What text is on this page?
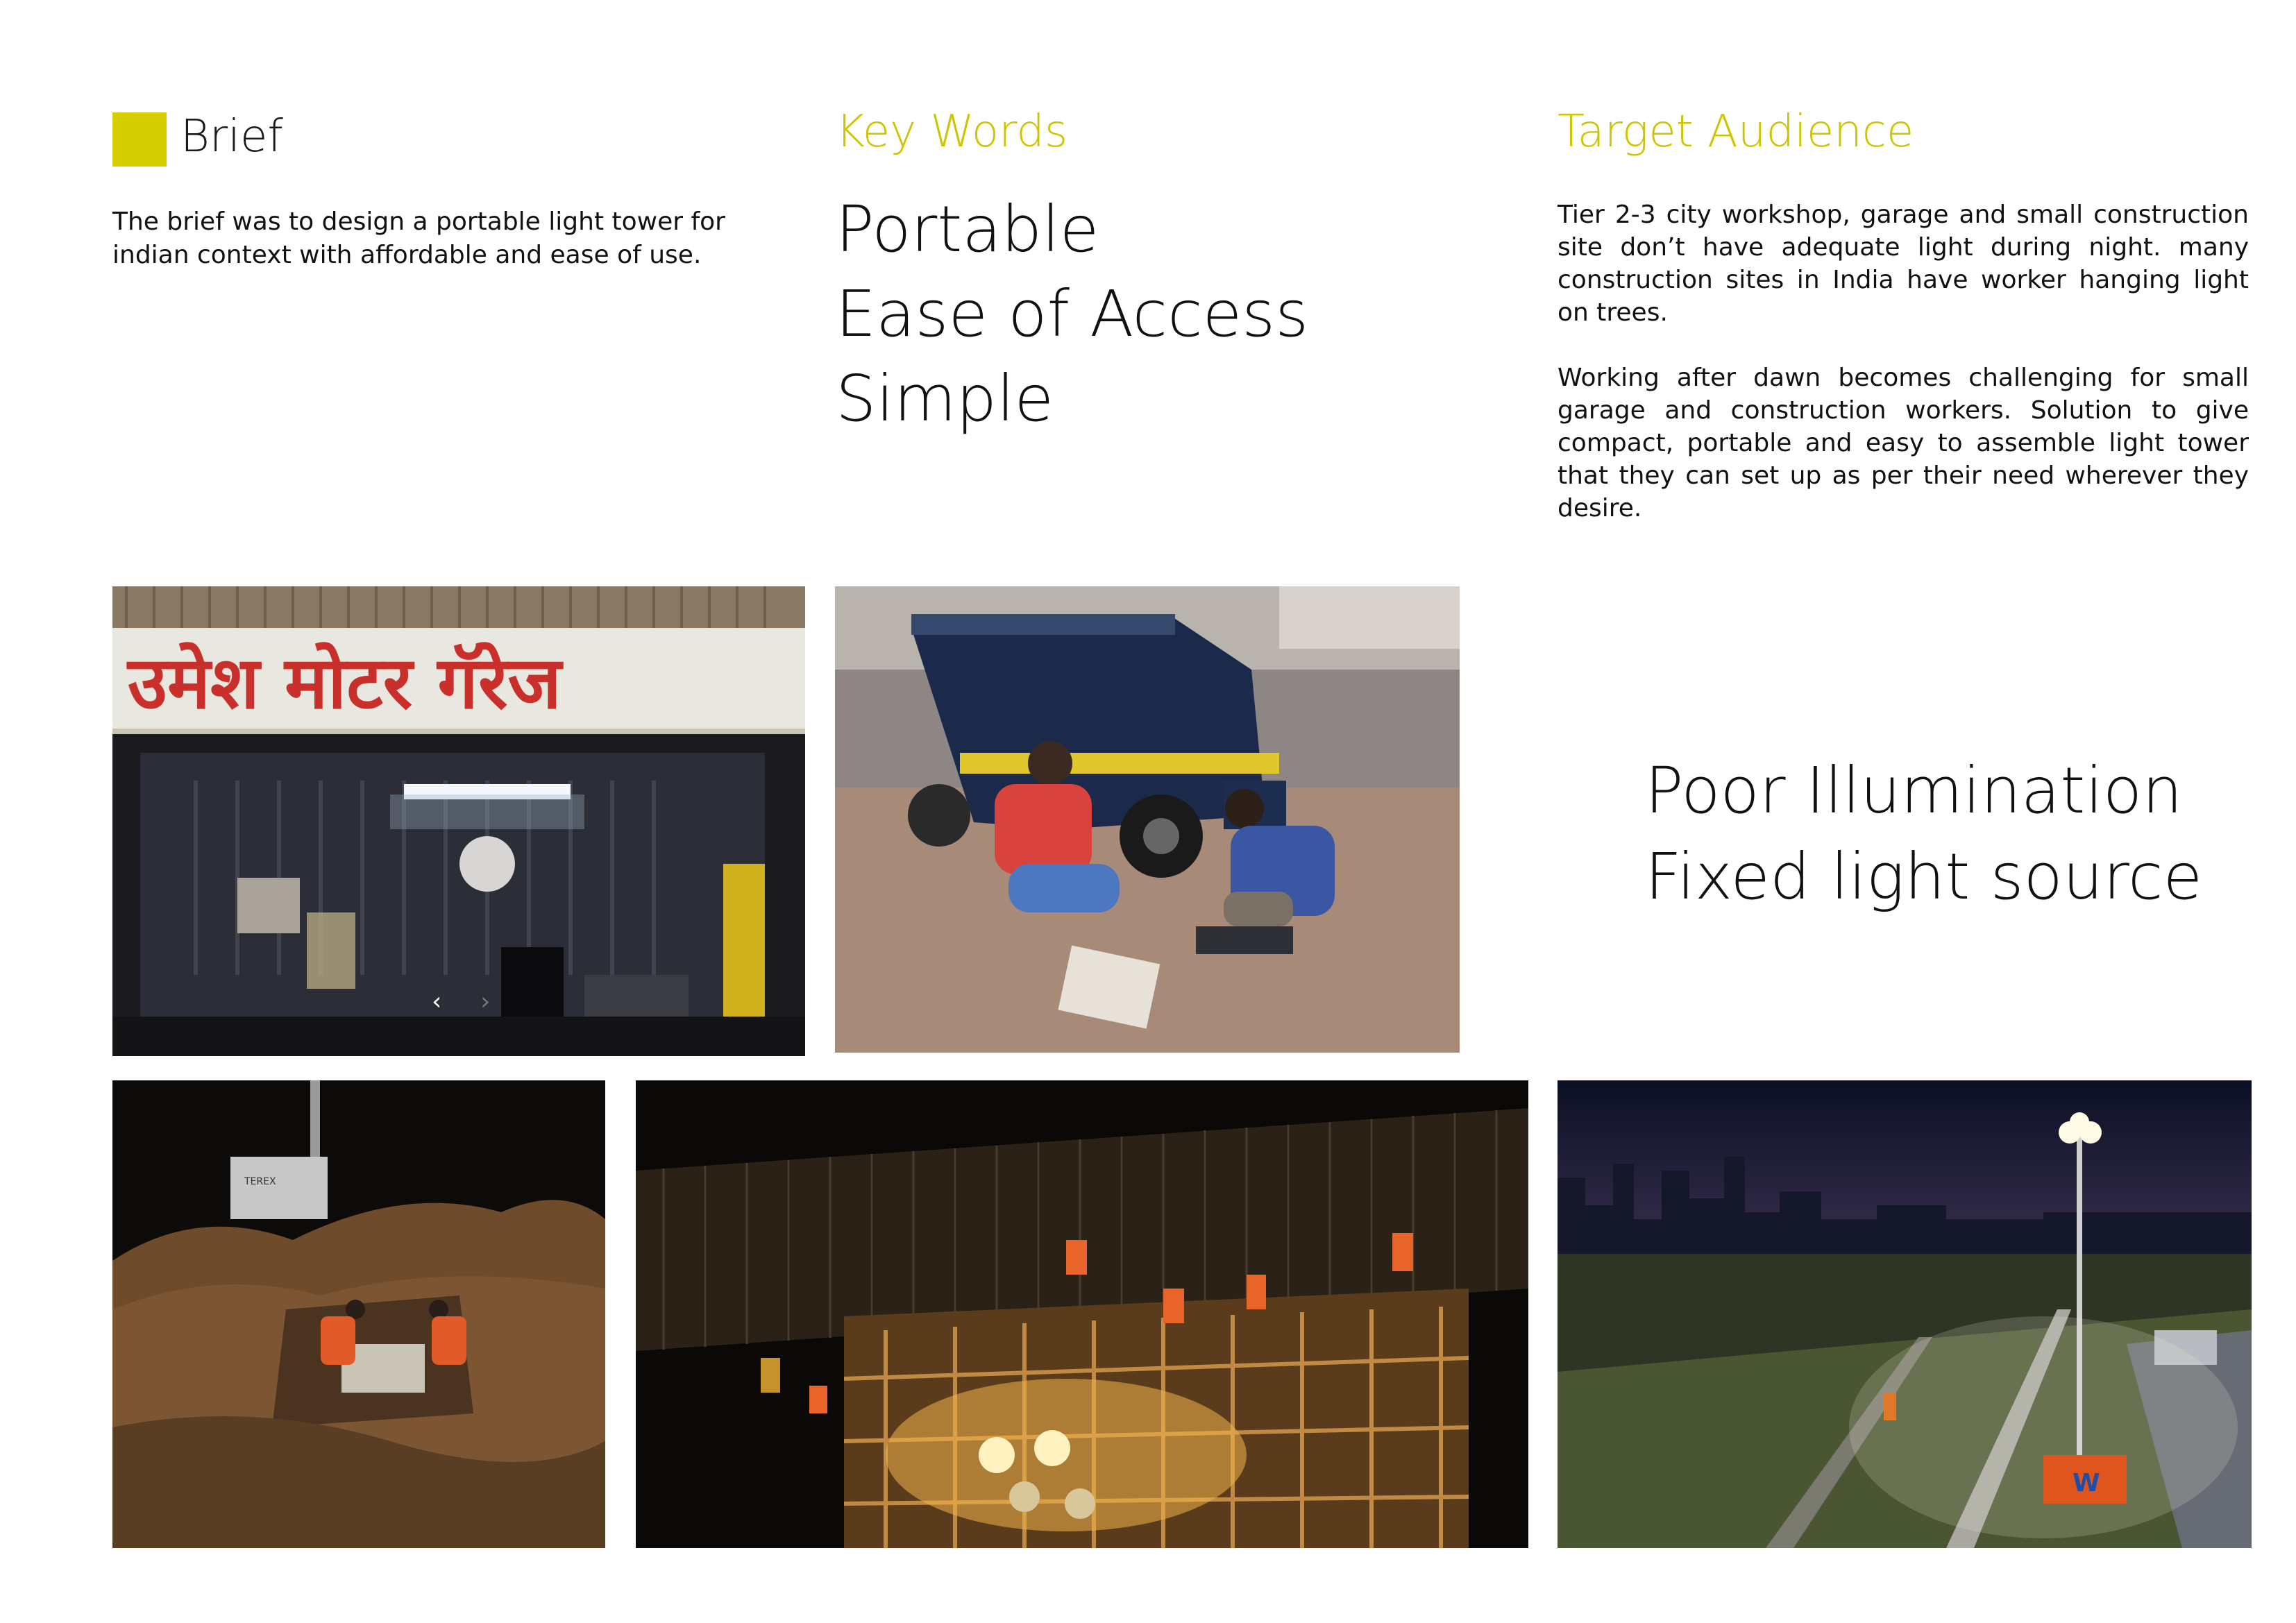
Brief
The brief was to design a portable light tower for indian context with affordable and ease of use.
Key Words
Portable
Ease of Access
Simple
Target Audience

Tier 2-3 city workshop, garage and small construction site don’t have adequate light during night. many construction sites in India have worker hanging light on trees.

Working after dawn becomes challenging for small garage and construction workers. Solution to give compact, portable and easy to assemble light tower that they can set up as per their need wherever they desire.

Poor Illumination
Fixed light source
उमेश मोटर गॅरेज
‹ ›
TEREX
W
